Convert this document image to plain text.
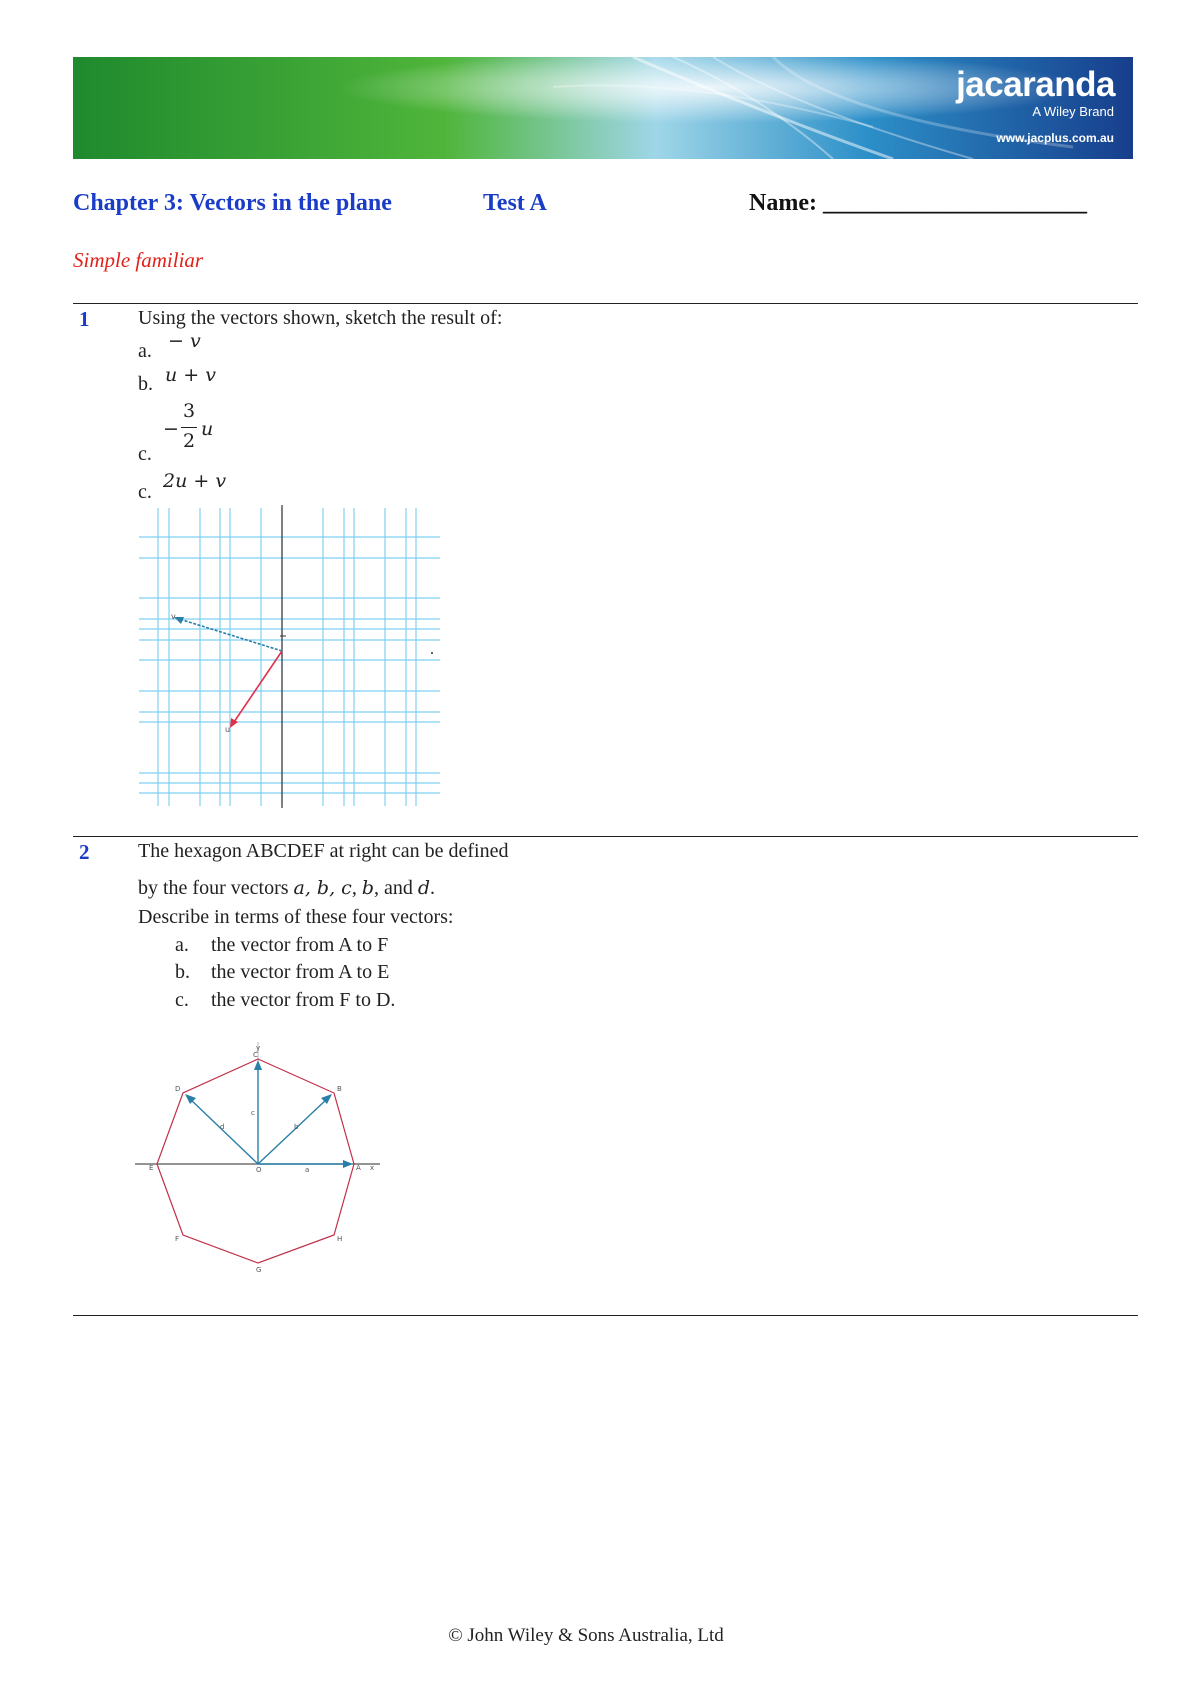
jacaranda
A Wiley Brand
www.jacplus.com.au
Chapter 3: Vectors in the plane	Test A	Name: ______________________
Simple familiar
1 Using the vectors shown, sketch the result of:
a. − v
b. u + v
−
3
2
u
c.
c. 2u + v
v
u
2 The hexagon ABCDEF at right can be defined
by the four vectors a, b, c, b, and d.
Describe in terms of these four vectors:
a. the vector from A to F
b. the vector from A to E
c. the vector from F to D.
y
C
B
A x
H
G
F
E
D
O	a
b
c
d
© John Wiley & Sons Australia, Ltd
